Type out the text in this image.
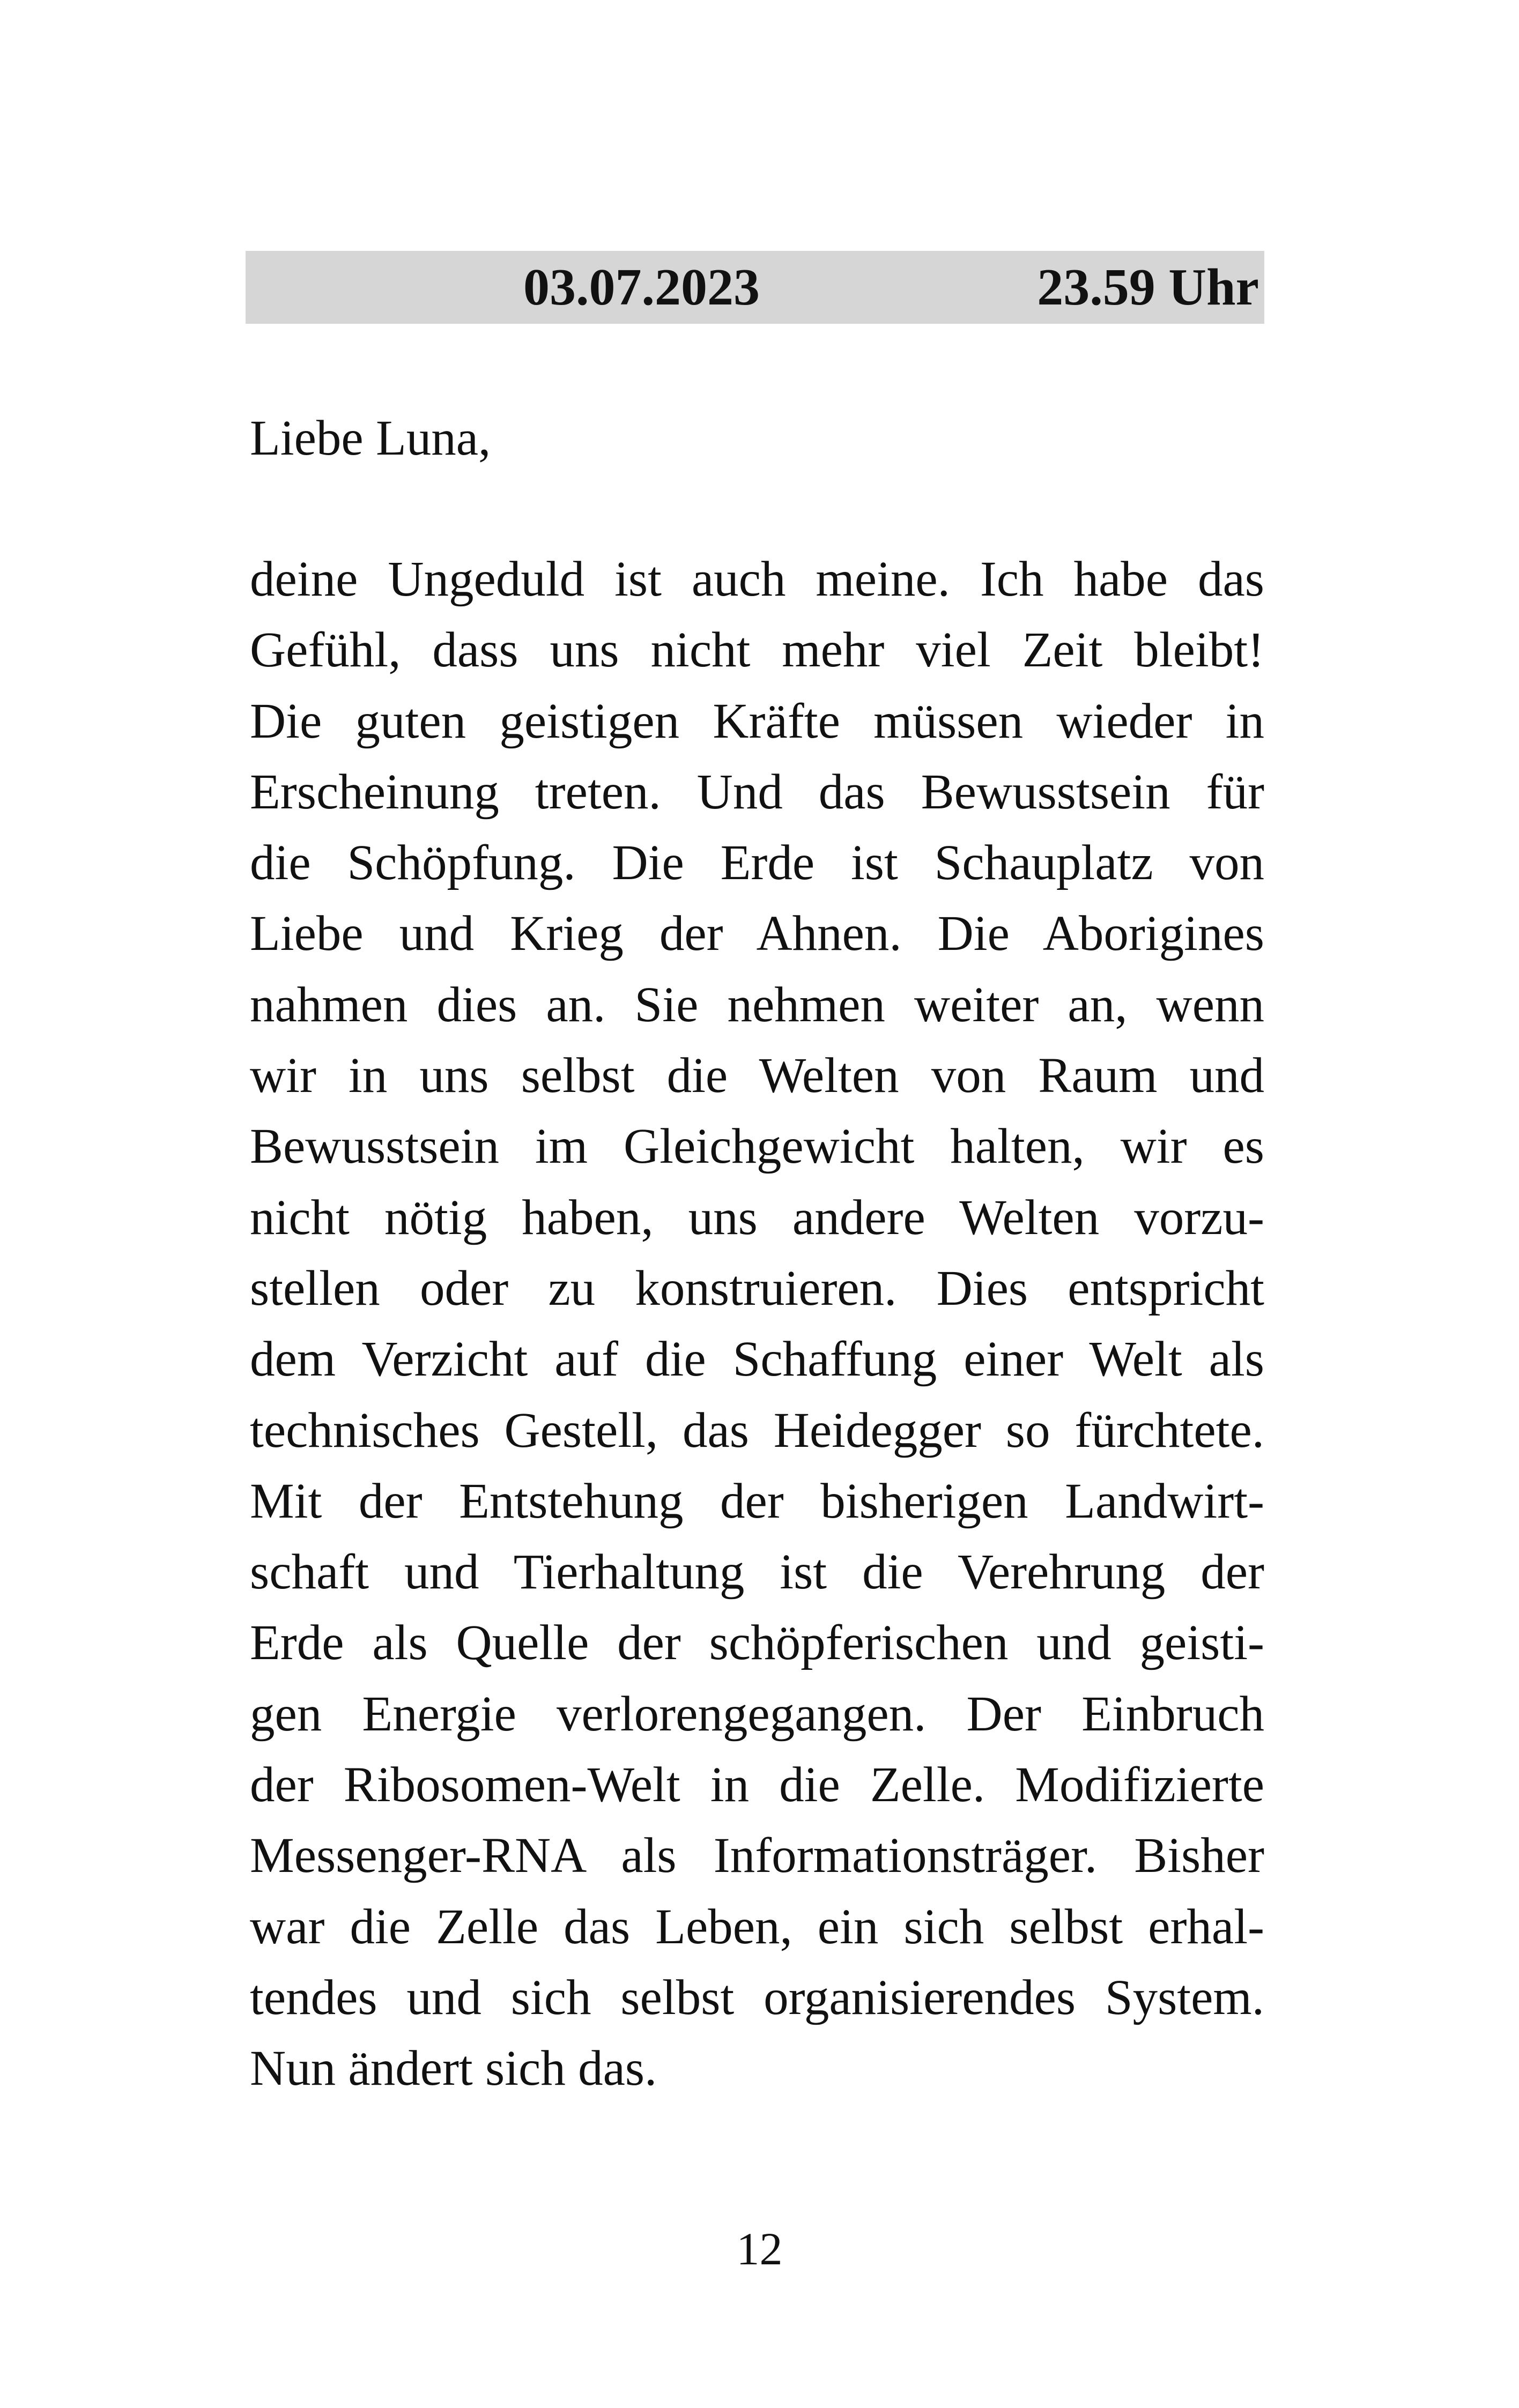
03.07.2023	23.59 Uhr
Liebe Luna,
deine Ungeduld ist auch meine. Ich habe das
Gefühl, dass uns nicht mehr viel Zeit bleibt!
Die guten geistigen Kräfte müssen wieder in
Erscheinung treten. Und das Bewusstsein für
die Schöpfung. Die Erde ist Schauplatz von
Liebe und Krieg der Ahnen. Die Aborigines
nahmen dies an. Sie nehmen weiter an, wenn
wir in uns selbst die Welten von Raum und
Bewusstsein im Gleichgewicht halten, wir es
nicht nötig haben, uns andere Welten vorzu-
stellen oder zu konstruieren. Dies entspricht
dem Verzicht auf die Schaffung einer Welt als
technisches Gestell, das Heidegger so fürchtete.
Mit der Entstehung der bisherigen Landwirt-
schaft und Tierhaltung ist die Verehrung der
Erde als Quelle der schöpferischen und geisti-
gen Energie verlorengegangen. Der Einbruch
der Ribosomen-Welt in die Zelle. Modifizierte
Messenger-RNA als Informationsträger. Bisher
war die Zelle das Leben, ein sich selbst erhal-
tendes und sich selbst organisierendes System.
Nun ändert sich das.
12
